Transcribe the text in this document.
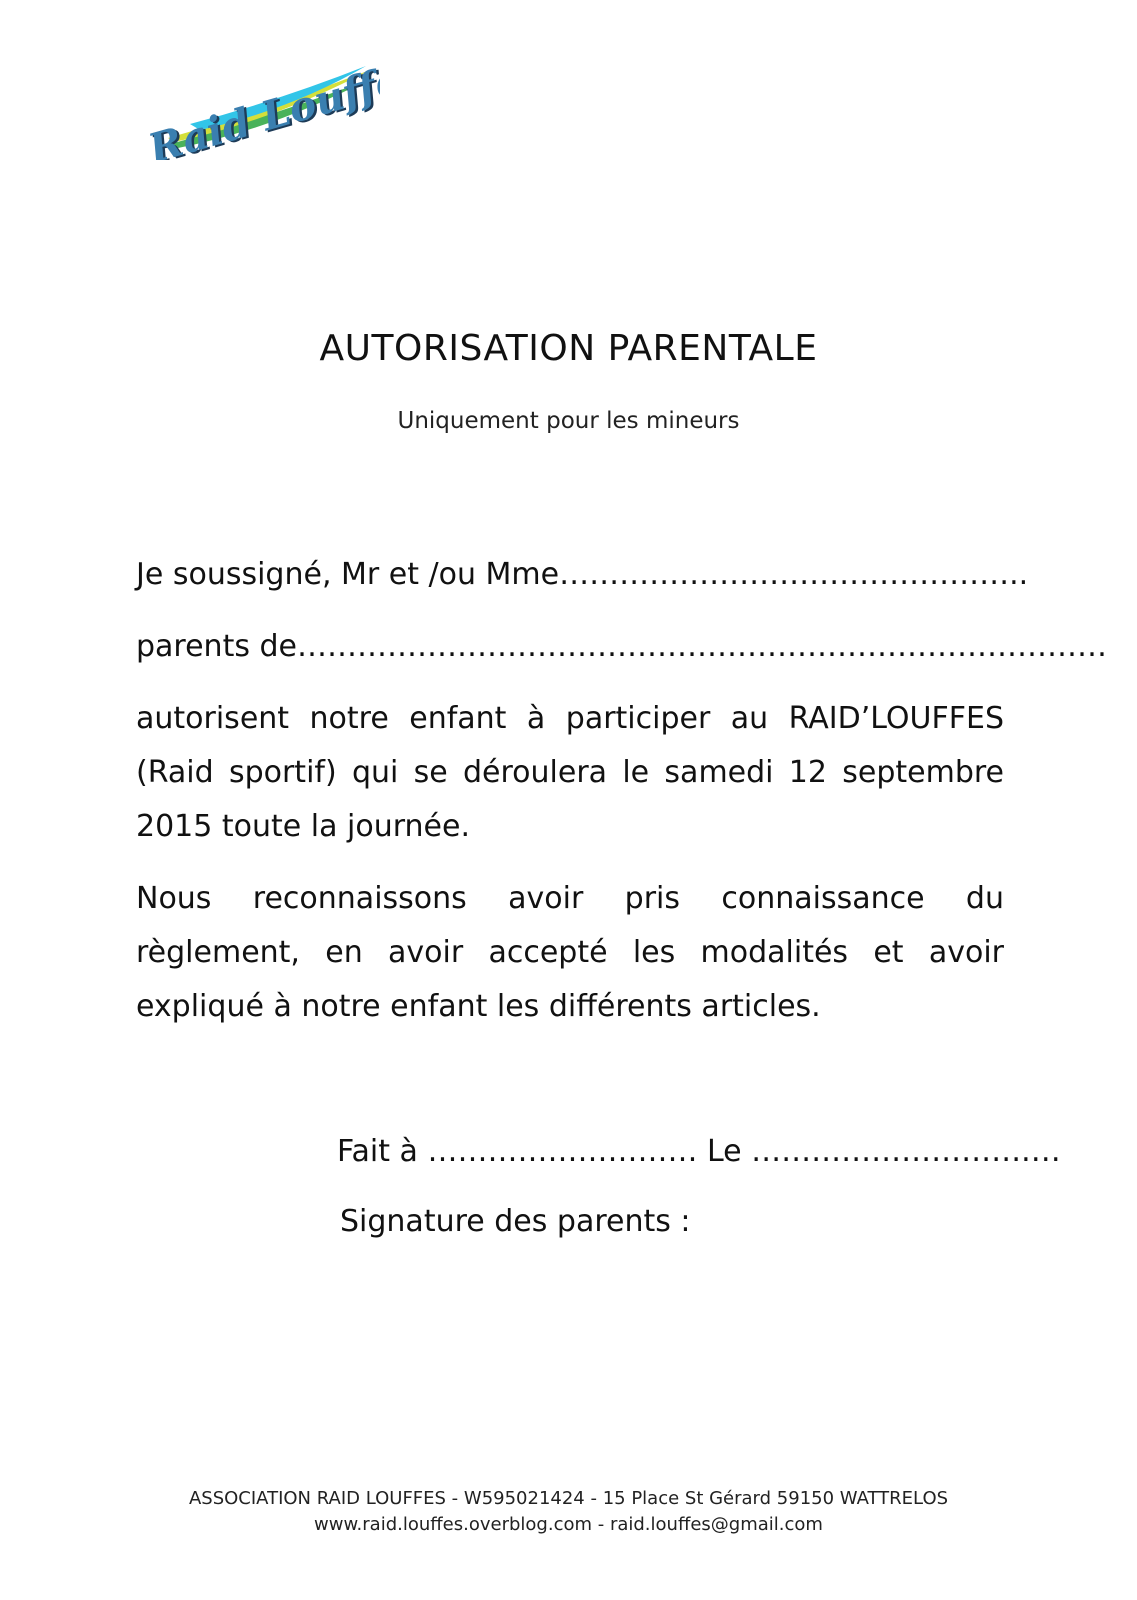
Raid Louffes
Raid Louffes
AUTORISATION PARENTALE
Uniquement pour les mineurs
Je soussigné, Mr et /ou Mme………………………………………..
parents de………………………………………………………………………
autorisent notre enfant à participer au RAID’LOUFFES (Raid sportif) qui se déroulera le samedi 12 septembre 2015 toute la journée.
Nous reconnaissons avoir pris connaissance du règlement, en avoir accepté les modalités et avoir expliqué à notre enfant les différents articles.
Fait à ……………………… Le ……………………….…
Signature des parents :
ASSOCIATION RAID LOUFFES - W595021424 - 15 Place St Gérard 59150 WATTRELOS
www.raid.louffes.overblog.com - raid.louffes@gmail.com
